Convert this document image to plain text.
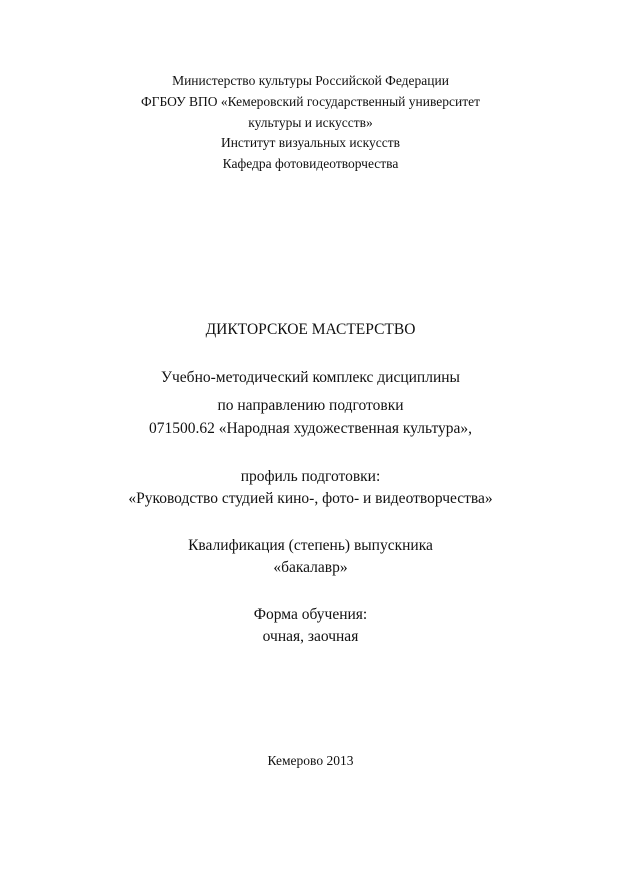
Министерство культуры Российской Федерации
ФГБОУ ВПО «Кемеровский государственный университет
культуры и искусств»
Институт визуальных искусств
Кафедра фотовидеотворчества
ДИКТОРСКОЕ МАСТЕРСТВО
Учебно-методический комплекс дисциплины
по направлению подготовки
071500.62 «Народная художественная культура»,
профиль подготовки:
«Руководство студией кино-, фото- и видеотворчества»
Квалификация (степень) выпускника
«бакалавр»
Форма обучения:
очная, заочная
Кемерово 2013
